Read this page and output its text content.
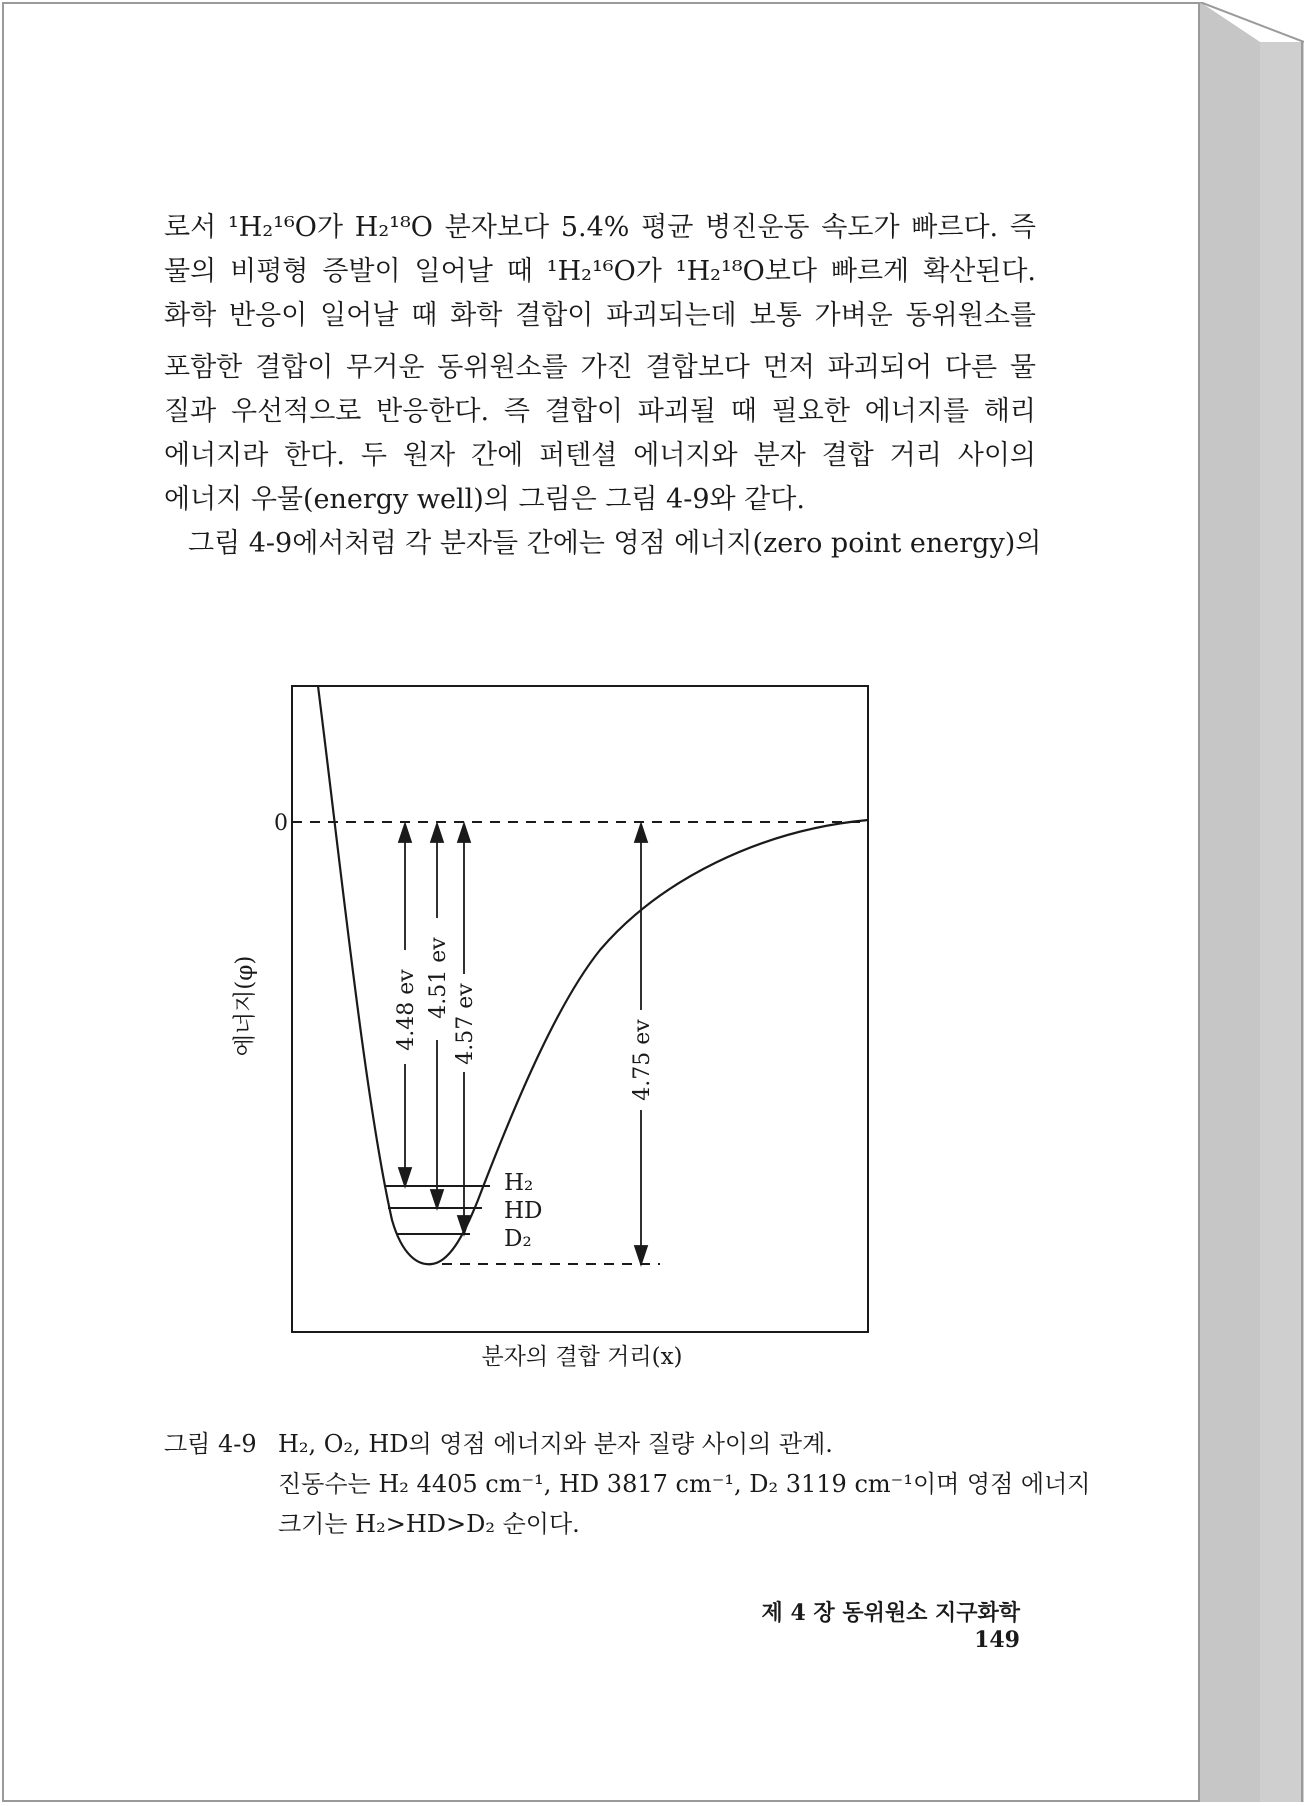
로서 ¹H₂¹⁶O가 H₂¹⁸O 분자보다 5.4% 평균 병진운동 속도가 빠르다. 즉
물의 비평형 증발이 일어날 때 ¹H₂¹⁶O가 ¹H₂¹⁸O보다 빠르게 확산된다.
화학 반응이 일어날 때 화학 결합이 파괴되는데 보통 가벼운 동위원소를
포함한 결합이 무거운 동위원소를 가진 결합보다 먼저 파괴되어 다른 물
질과 우선적으로 반응한다. 즉 결합이 파괴될 때 필요한 에너지를 해리
에너지라 한다. 두 원자 간에 퍼텐셜 에너지와 분자 결합 거리 사이의
에너지 우물(energy well)의 그림은 그림 4-9와 같다.
그림 4-9에서처럼 각 분자들 간에는 영점 에너지(zero point energy)의
0
4.48 ev 4.51 ev
4.57 ev	4.75 ev
H₂
HD
D₂
에너지(φ)
분자의 결합 거리(x)
그림 4-9 H₂, O₂, HD의 영점 에너지와 분자 질량 사이의 관계.
진동수는 H₂ 4405 cm⁻¹, HD 3817 cm⁻¹, D₂ 3119 cm⁻¹이며 영점 에너지
크기는 H₂>HD>D₂ 순이다.
제 4 장 동위원소 지구화학149
